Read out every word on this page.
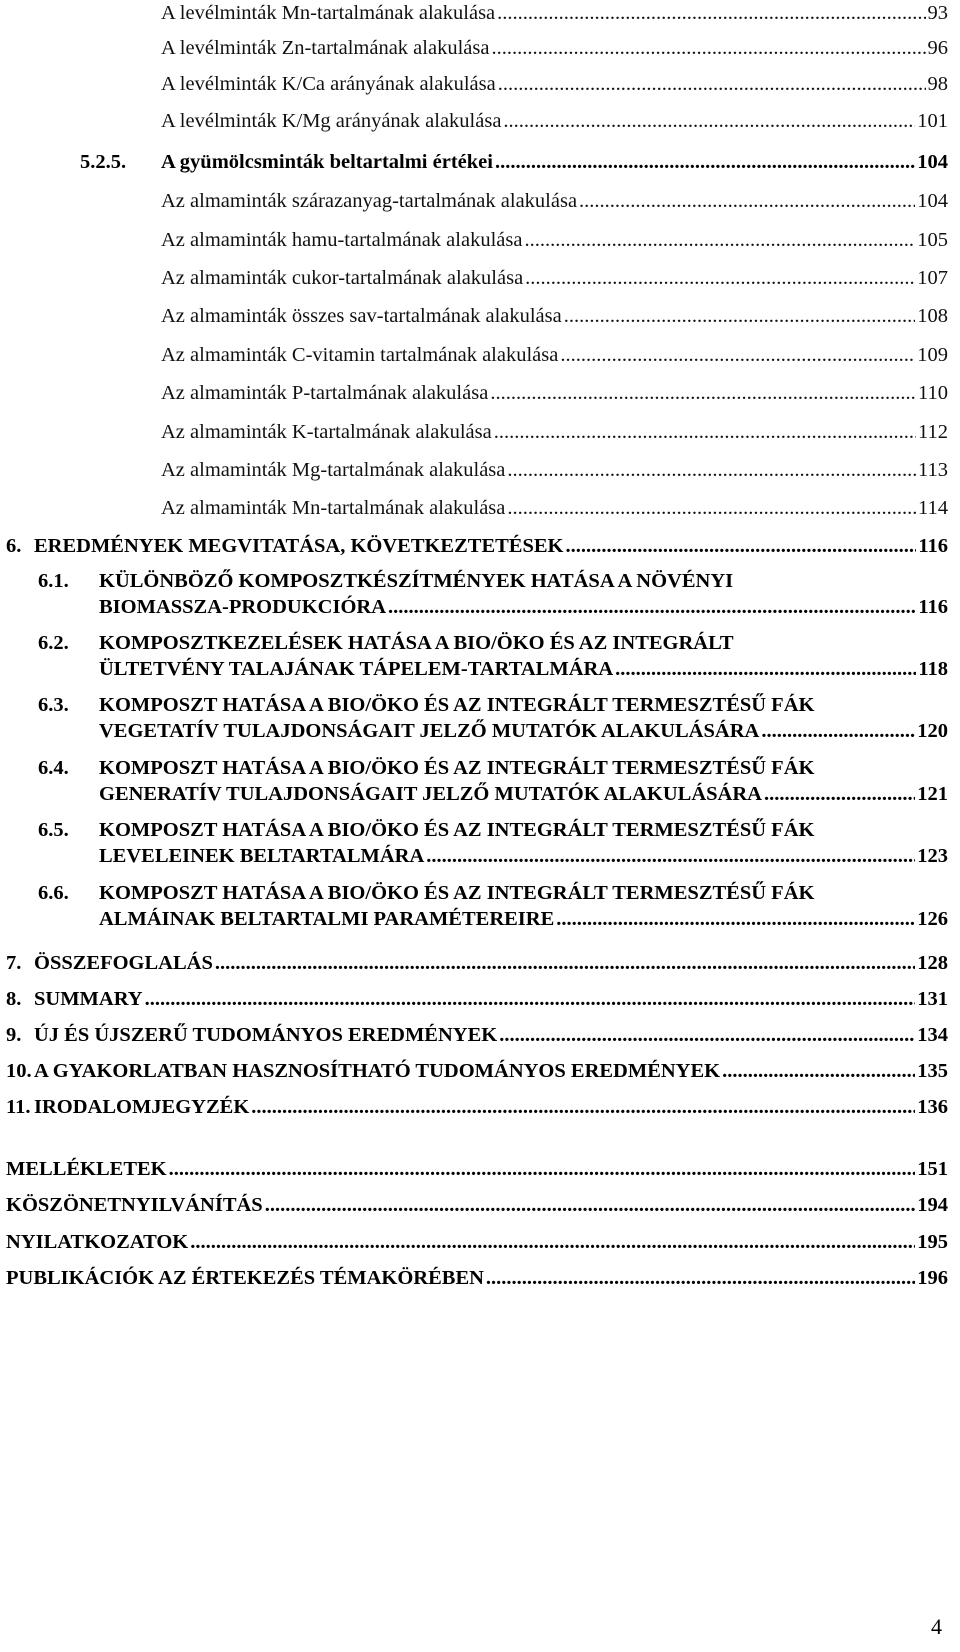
A levélminták Mn-tartalmának alakulása .....	93
A levélminták Zn-tartalmának alakulása .....	96
A levélminták K/Ca arányának alakulása .....	98
A levélminták K/Mg arányának alakulása .....	101
5.2.5.	A gyümölcsminták beltartalmi értékei .....	104
Az almaminták szárazanyag-tartalmának alakulása .....	104
Az almaminták hamu-tartalmának alakulása .....	105
Az almaminták cukor-tartalmának alakulása .....	107
Az almaminták összes sav-tartalmának alakulása .....	108
Az almaminták C-vitamin tartalmának alakulása .....	109
Az almaminták P-tartalmának alakulása .....	110
Az almaminták K-tartalmának alakulása .....	112
Az almaminták Mg-tartalmának alakulása .....	113
Az almaminták Mn-tartalmának alakulása .....	114
6. EREDMÉNYEK MEGVITATÁSA, KÖVETKEZTETÉSEK .....	116
6.1. KÜLÖNBÖZŐ KOMPOSZTKÉSZÍTMÉNYEK HATÁSA A NÖVÉNYI
BIOMASSZA-PRODUKCIÓRA .....	116
6.2. KOMPOSZTKEZELÉSEK HATÁSA A BIO/ÖKO ÉS AZ INTEGRÁLT
ÜLTETVÉNY TALAJÁNAK TÁPELEM-TARTALMÁRA .....	118
6.3. KOMPOSZT HATÁSA A BIO/ÖKO ÉS AZ INTEGRÁLT TERMESZTÉSŰ FÁK
VEGETATÍV TULAJDONSÁGAIT JELZŐ MUTATÓK ALAKULÁSÁRA .....	120
6.4. KOMPOSZT HATÁSA A BIO/ÖKO ÉS AZ INTEGRÁLT TERMESZTÉSŰ FÁK
GENERATÍV TULAJDONSÁGAIT JELZŐ MUTATÓK ALAKULÁSÁRA .....	121
6.5. KOMPOSZT HATÁSA A BIO/ÖKO ÉS AZ INTEGRÁLT TERMESZTÉSŰ FÁK
LEVELEINEK BELTARTALMÁRA .....	123
6.6. KOMPOSZT HATÁSA A BIO/ÖKO ÉS AZ INTEGRÁLT TERMESZTÉSŰ FÁK
ALMÁINAK BELTARTALMI PARAMÉTEREIRE .....	126
7. ÖSSZEFOGLALÁS .....	128
8. SUMMARY .....	131
9. ÚJ ÉS ÚJSZERŰ TUDOMÁNYOS EREDMÉNYEK .....	134
10. A GYAKORLATBAN HASZNOSÍTHATÓ TUDOMÁNYOS EREDMÉNYEK .....	135
11. IRODALOMJEGYZÉK .....	136
MELLÉKLETEK .....	151
KÖSZÖNETNYILVÁNÍTÁS .....	194
NYILATKOZATOK .....	195
PUBLIKÁCIÓK AZ ÉRTEKEZÉS TÉMAKÖRÉBEN .....	196
4
